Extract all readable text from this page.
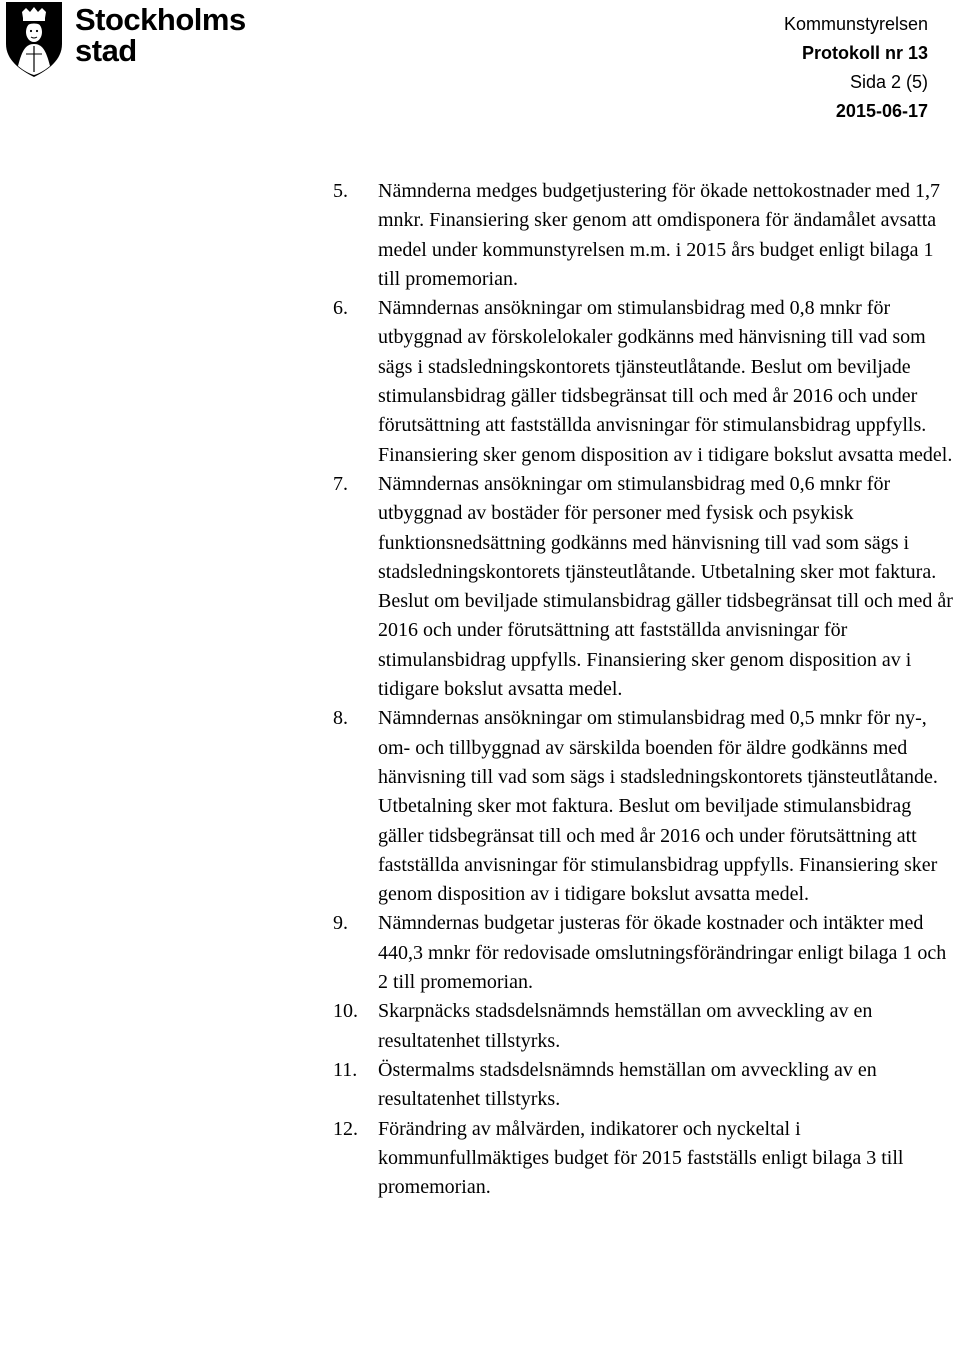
Stockholms
stad
Kommunstyrelsen
Protokoll nr 13
Sida 2 (5)
2015-06-17
5.	Nämnderna medges budgetjustering för ökade nettokostnader med 1,7 mnkr. Finansiering sker genom att omdisponera för ändamålet avsatta medel under kommunstyrelsen m.m. i 2015 års budget enligt bilaga 1 till promemorian.
6.	Nämndernas ansökningar om stimulansbidrag med 0,8 mnkr för utbyggnad av förskolelokaler godkänns med hänvisning till vad som sägs i stadsledningskontorets tjänsteutlåtande. Beslut om beviljade stimulansbidrag gäller tidsbegränsat till och med år 2016 och under förutsättning att fastställda anvisningar för stimulansbidrag uppfylls. Finansiering sker genom disposition av i tidigare bokslut avsatta medel.
7.	Nämndernas ansökningar om stimulansbidrag med 0,6 mnkr för utbyggnad av bostäder för personer med fysisk och psykisk funktionsnedsättning godkänns med hänvisning till vad som sägs i stadsledningskontorets tjänsteutlåtande. Utbetalning sker mot faktura. Beslut om beviljade stimulansbidrag gäller tidsbegränsat till och med år 2016 och under förutsättning att fastställda anvisningar för stimulansbidrag uppfylls. Finansiering sker genom disposition av i tidigare bokslut avsatta medel.
8.	Nämndernas ansökningar om stimulansbidrag med 0,5 mnkr för ny-, om- och tillbyggnad av särskilda boenden för äldre godkänns med hänvisning till vad som sägs i stadsledningskontorets tjänsteutlåtande. Utbetalning sker mot faktura. Beslut om beviljade stimulansbidrag gäller tidsbegränsat till och med år 2016 och under förutsättning att fastställda anvisningar för stimulansbidrag uppfylls. Finansiering sker genom disposition av i tidigare bokslut avsatta medel.
9.	Nämndernas budgetar justeras för ökade kostnader och intäkter med 440,3 mnkr för redovisade omslutningsförändringar enligt bilaga 1 och 2 till promemorian.
10.	Skarpnäcks stadsdelsnämnds hemställan om avveckling av en resultatenhet tillstyrks.
11.	Östermalms stadsdelsnämnds hemställan om avveckling av en resultatenhet tillstyrks.
12.	Förändring av målvärden, indikatorer och nyckeltal i kommunfullmäktiges budget för 2015 fastställs enligt bilaga 3 till promemorian.
